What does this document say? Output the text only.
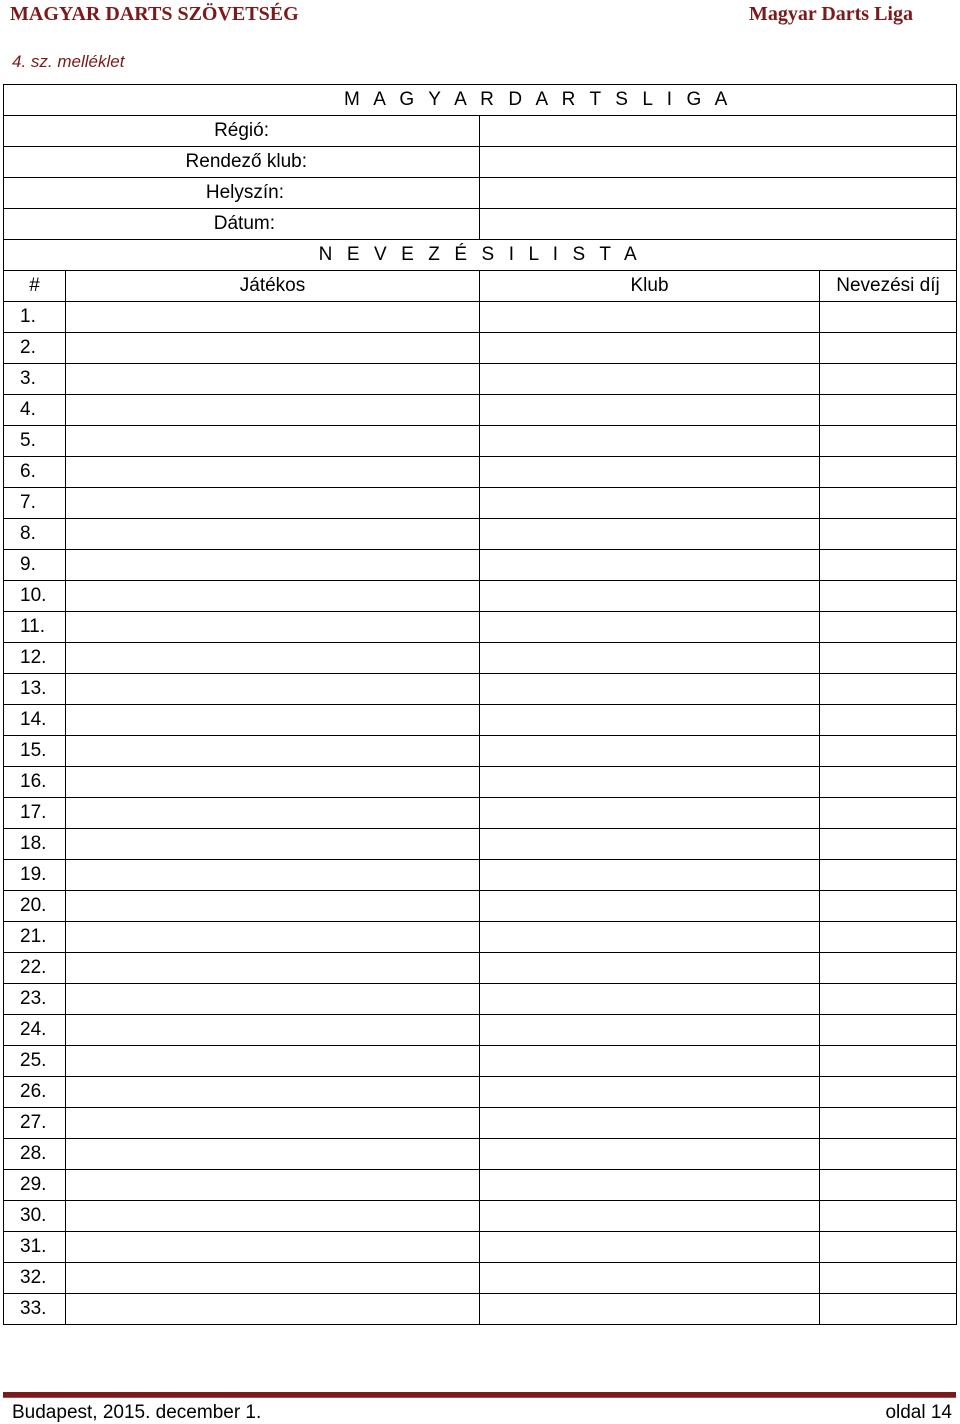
MAGYAR DARTS SZÖVETSÉG	Magyar Darts Liga
4. sz. melléklet
M A G Y A R D A R T S L I G A			
Régió:			
Rendező klub:			
Helyszín:			
Dátum:			
N E V E Z É S I L I S T A			
#	Játékos	Klub	Nevezési díj
1.			
2.			
3.			
4.			
5.			
6.			
7.			
8.			
9.			
10.			
11.			
12.			
13.			
14.			
15.			
16.			
17.			
18.			
19.			
20.			
21.			
22.			
23.			
24.			
25.			
26.			
27.			
28.			
29.			
30.			
31.			
32.			
33.			
Budapest, 2015. december 1.	oldal 14
